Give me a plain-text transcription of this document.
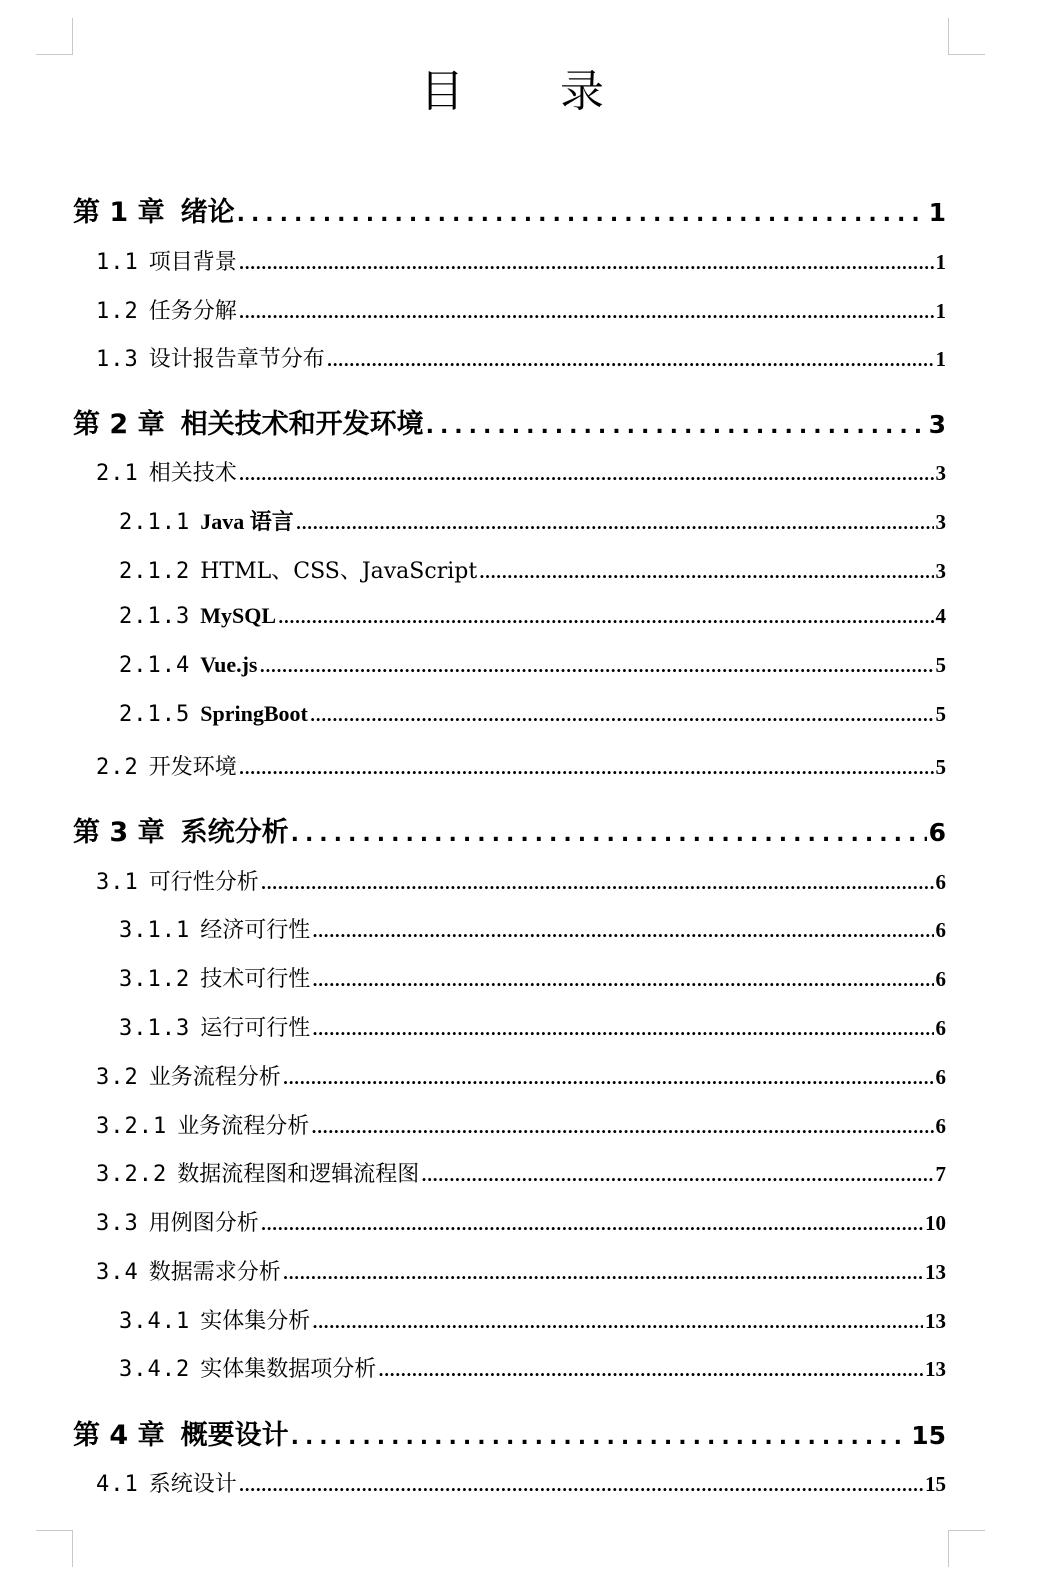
目录
第 1 章 绪论 .....	1
1.1 项目背景 .....	1
1.2 任务分解 .....	1
1.3 设计报告章节分布 .....	1
第 2 章 相关技术和开发环境 .....	3
2.1 相关技术 .....	3
2.1.1 Java 语言 .....	3
2.1.2 HTML、CSS、JavaScript .....	3
2.1.3 MySQL .....	4
2.1.4 Vue.js .....	5
2.1.5 SpringBoot .....	5
2.2 开发环境 .....	5
第 3 章 系统分析 .....	6
3.1 可行性分析 .....	6
3.1.1 经济可行性 .....	6
3.1.2 技术可行性 .....	6
3.1.3 运行可行性 .....	6
3.2 业务流程分析 .....	6
3.2.1 业务流程分析 .....	6
3.2.2 数据流程图和逻辑流程图 .....	7
3.3 用例图分析 .....	10
3.4 数据需求分析 .....	13
3.4.1 实体集分析 .....	13
3.4.2 实体集数据项分析 .....	13
第 4 章 概要设计 .....	15
4.1 系统设计 .....	15
